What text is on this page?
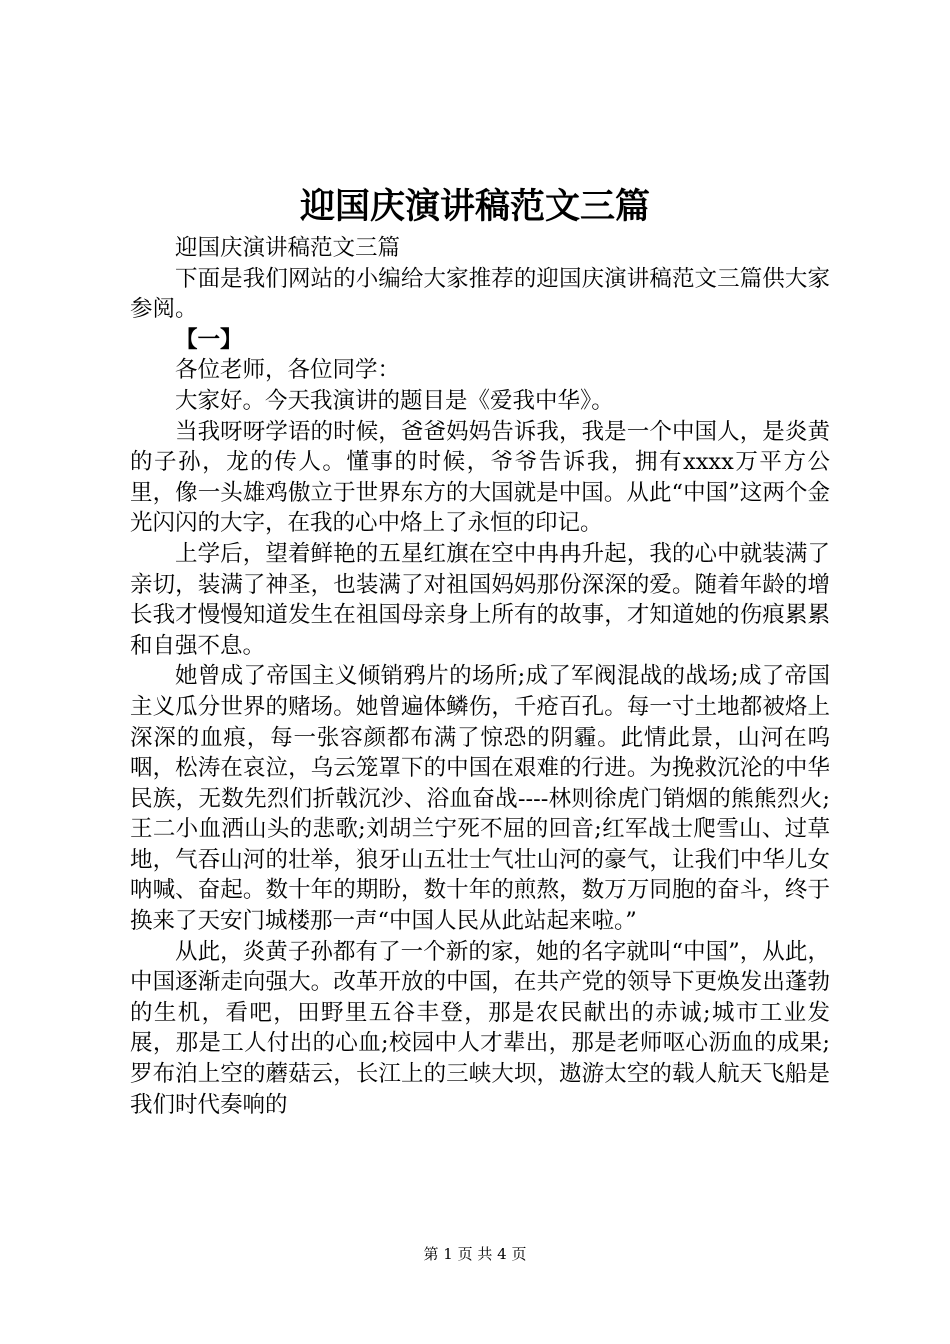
迎国庆演讲稿范文三篇

迎国庆演讲稿范文三篇

下面是我们网站的小编给大家推荐的迎国庆演讲稿范文三篇供大家参阅。

【一】

各位老师，各位同学：

大家好。今天我演讲的题目是《爱我中华》。

当我呀呀学语的时候，爸爸妈妈告诉我，我是一个中国人，是炎黄的子孙，龙的传人。懂事的时候，爷爷告诉我，拥有xxxx万平方公里，像一头雄鸡傲立于世界东方的大国就是中国。从此“中国”这两个金光闪闪的大字，在我的心中烙上了永恒的印记。

上学后，望着鲜艳的五星红旗在空中冉冉升起，我的心中就装满了亲切，装满了神圣，也装满了对祖国妈妈那份深深的爱。随着年龄的增长我才慢慢知道发生在祖国母亲身上所有的故事，才知道她的伤痕累累和自强不息。

她曾成了帝国主义倾销鸦片的场所;成了军阀混战的战场;成了帝国主义瓜分世界的赌场。她曾遍体鳞伤，千疮百孔。每一寸土地都被烙上深深的血痕，每一张容颜都布满了惊恐的阴霾。此情此景，山河在呜咽，松涛在哀泣，乌云笼罩下的中国在艰难的行进。为挽救沉沦的中华民族，无数先烈们折戟沉沙、浴血奋战----林则徐虎门销烟的熊熊烈火;王二小血洒山头的悲歌;刘胡兰宁死不屈的回音;红军战士爬雪山、过草地，气吞山河的壮举，狼牙山五壮士气壮山河的豪气，让我们中华儿女呐喊、奋起。数十年的期盼，数十年的煎熬，数万万同胞的奋斗，终于换来了天安门城楼那一声“中国人民从此站起来啦。”

从此，炎黄子孙都有了一个新的家，她的名字就叫“中国”，从此，中国逐渐走向强大。改革开放的中国，在共产党的领导下更焕发出蓬勃的生机，看吧，田野里五谷丰登，那是农民献出的赤诚;城市工业发展，那是工人付出的心血;校园中人才辈出，那是老师呕心沥血的成果;罗布泊上空的蘑菇云，长江上的三峡大坝，遨游太空的载人航天飞船是我们时代奏响的

第 1 页 共 4 页
